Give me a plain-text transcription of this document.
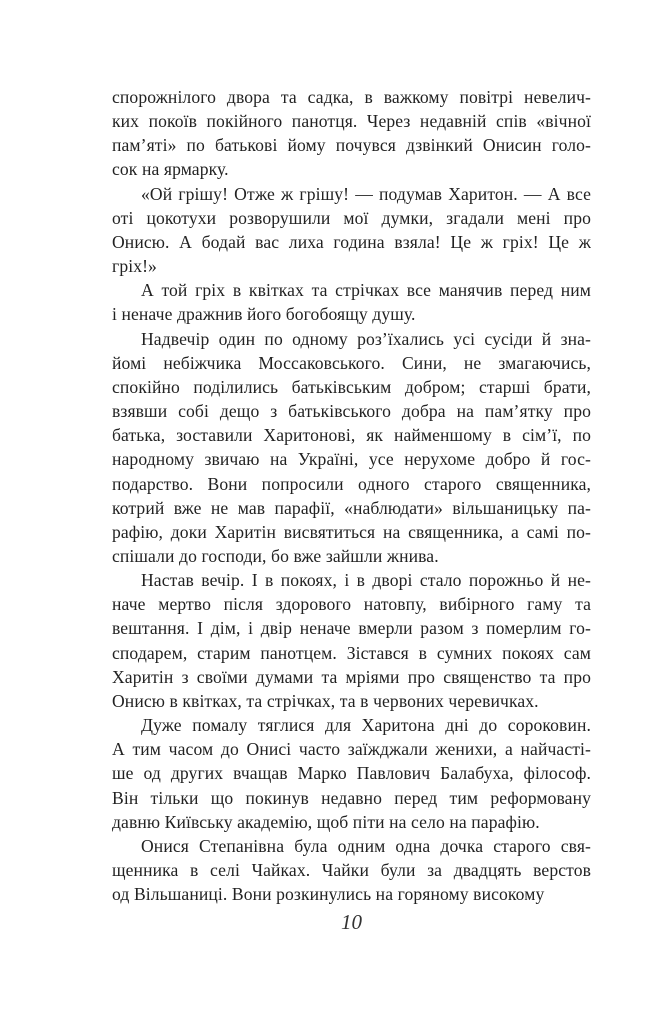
спорожнілого двора та садка, в важкому повітрі невелич-
ких покоїв покійного панотця. Через недавній спів «вічної
пам’яті» по батькові йому почувся дзвінкий Онисин голо-
сок на ярмарку.
«Ой грішу! Отже ж грішу! — подумав Харитон. — А все
оті цокотухи розворушили мої думки, згадали мені про
Онисю. А бодай вас лиха година взяла! Це ж гріх! Це ж
гріх!»
А той гріх в квітках та стрічках все манячив перед ним
і неначе дражнив його богобоящу душу.
Надвечір один по одному роз’їхались усі сусіди й зна-
йомі небіжчика Моссаковського. Сини, не змагаючись,
спокійно поділились батьківським добром; старші брати,
взявши собі дещо з батьківського добра на пам’ятку про
батька, зоставили Харитонові, як найменшому в сім’ї, по
народному звичаю на Україні, усе нерухоме добро й гос-
подарство. Вони попросили одного старого священника,
котрий вже не мав парафії, «наблюдати» вільшаницьку па-
рафію, доки Харитін висвятиться на священника, а самі по-
спішали до господи, бо вже зайшли жнива.
Настав вечір. І в покоях, і в дворі стало порожньо й не-
наче мертво після здорового натовпу, вибірного гаму та
вештання. І дім, і двір неначе вмерли разом з померлим го-
сподарем, старим панотцем. Зістався в сумних покоях сам
Харитін з своїми думами та мріями про священство та про
Онисю в квітках, та стрічках, та в червоних черевичках.
Дуже помалу тяглися для Харитона дні до сороковин.
А тим часом до Онисі часто заїжджали женихи, а найчасті-
ше од других вчащав Марко Павлович Балабуха, філософ.
Він тільки що покинув недавно перед тим реформовану
давню Київську академію, щоб піти на село на парафію.
Онися Степанівна була одним одна дочка старого свя-
щенника в селі Чайках. Чайки були за двадцять верстов
од Вільшаниці. Вони розкинулись на горяному високому
10
